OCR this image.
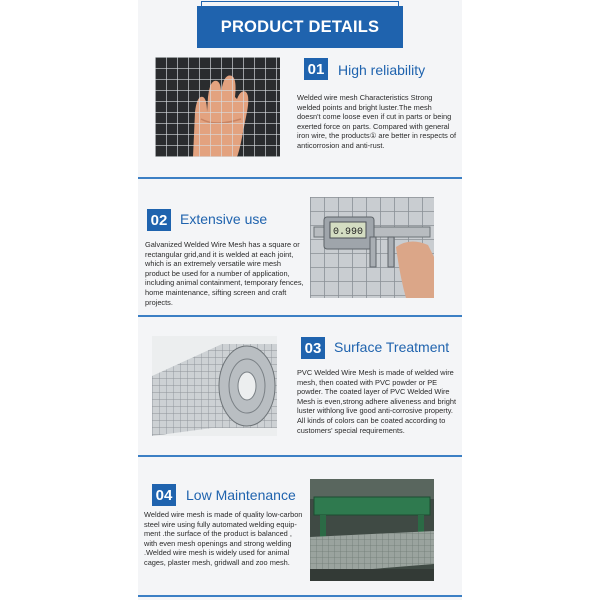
PRODUCT DETAILS
01 High reliability

Welded wire mesh Characteristics Strong welded points and bright luster.The mesh doesn't come loose even if cut in parts or being exerted force on parts. Compared with general iron wire, the products① are better in respects of anticorrosion and anti-rust.

02 Extensive use

Galvanized Welded Wire Mesh has a square or rectangular grid,and it is welded at each joint, which is an extremely versatile wire mesh product be used for a number of application, including animal containment, temporary fences, home maintenance, sifting screen and craft projects.

0.990
03 Surface Treatment

PVC Welded Wire Mesh is made of welded wire mesh, then coated with PVC powder or PE powder. The coated layer of PVC Welded Wire Mesh is even,strong adhere aliveness and bright luster withlong live good anti-corrosive property. All kinds of colors can be coated according to customers' special requirements.

04 Low Maintenance

Welded wire mesh is made of quality low-carbon steel wire using fully automated welding equip-ment .the surface of the product is balanced , with even mesh openings and strong welding .Welded wire mesh is widely used for animal cages, plaster mesh, gridwall and zoo mesh.
